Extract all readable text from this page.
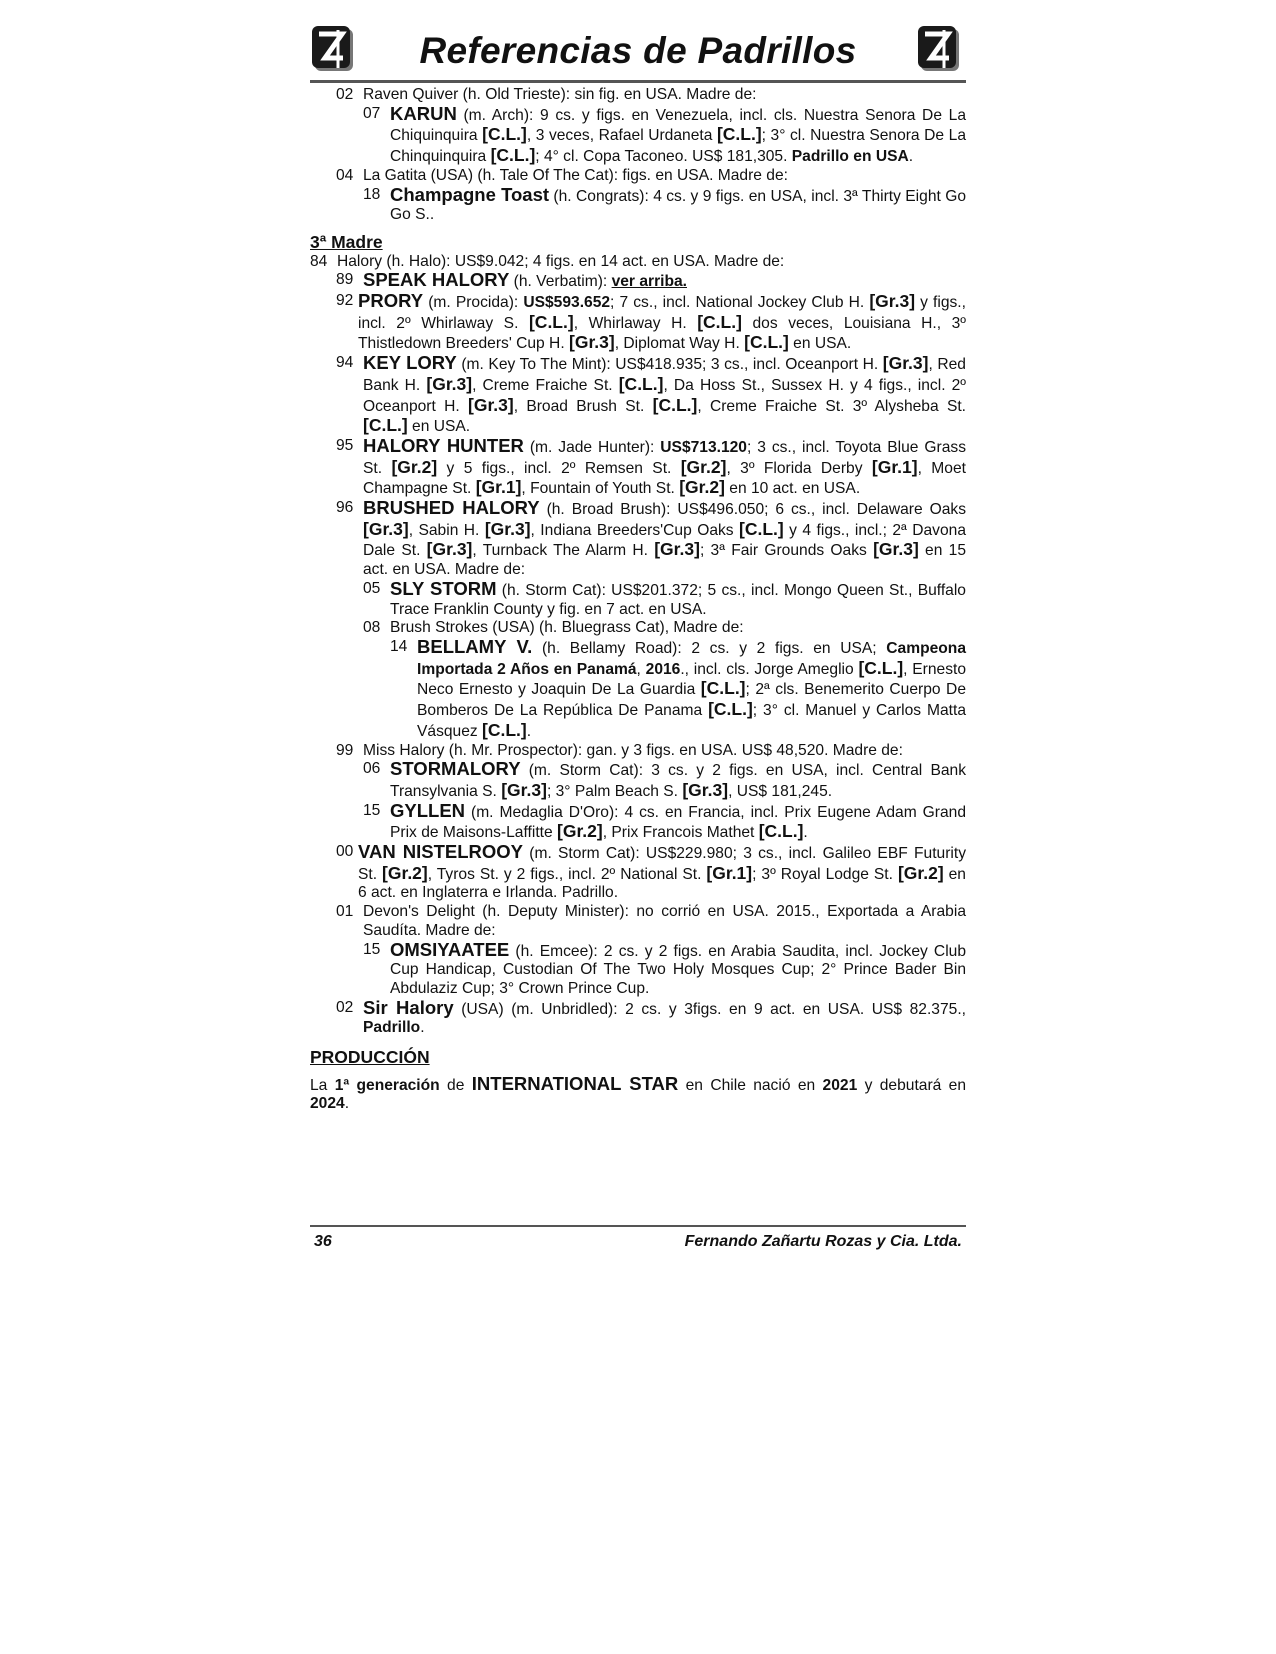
Referencias de Padrillos
02 Raven Quiver (h. Old Trieste): sin fig. en USA. Madre de:
07 KARUN (m. Arch): 9 cs. y figs. en Venezuela, incl. cls. Nuestra Senora De La Chiquinquira [C.L.], 3 veces, Rafael Urdaneta [C.L.]; 3° cl. Nuestra Senora De La Chinquinquira [C.L.]; 4° cl. Copa Taconeo. US$ 181,305. Padrillo en USA.
04 La Gatita (USA) (h. Tale Of The Cat): figs. en USA. Madre de:
18 Champagne Toast (h. Congrats): 4 cs. y 9 figs. en USA, incl. 3ª Thirty Eight Go Go S..
3ª Madre
84 Halory (h. Halo): US$9.042; 4 figs. en 14 act. en USA. Madre de:
89 SPEAK HALORY (h. Verbatim): ver arriba.
92 PRORY (m. Procida): US$593.652; 7 cs., incl. National Jockey Club H. [Gr.3] y figs., incl. 2º Whirlaway S. [C.L.], Whirlaway H. [C.L.] dos veces, Louisiana H., 3º Thistledown Breeders' Cup H. [Gr.3], Diplomat Way H. [C.L.] en USA.
94 KEY LORY (m. Key To The Mint): US$418.935; 3 cs., incl. Oceanport H. [Gr.3], Red Bank H. [Gr.3], Creme Fraiche St. [C.L.], Da Hoss St., Sussex H. y 4 figs., incl. 2º Oceanport H. [Gr.3], Broad Brush St. [C.L.], Creme Fraiche St. 3º Alysheba St. [C.L.] en USA.
95 HALORY HUNTER (m. Jade Hunter): US$713.120; 3 cs., incl. Toyota Blue Grass St. [Gr.2] y 5 figs., incl. 2º Remsen St. [Gr.2], 3º Florida Derby [Gr.1], Moet Champagne St. [Gr.1], Fountain of Youth St. [Gr.2] en 10 act. en USA.
96 BRUSHED HALORY (h. Broad Brush): US$496.050; 6 cs., incl. Delaware Oaks [Gr.3], Sabin H. [Gr.3], Indiana Breeders'Cup Oaks [C.L.] y 4 figs., incl.; 2ª Davona Dale St. [Gr.3], Turnback The Alarm H. [Gr.3]; 3ª Fair Grounds Oaks [Gr.3] en 15 act. en USA. Madre de:
05 SLY STORM (h. Storm Cat): US$201.372; 5 cs., incl. Mongo Queen St., Buffalo Trace Franklin County y fig. en 7 act. en USA.
08 Brush Strokes (USA) (h. Bluegrass Cat), Madre de:
14 BELLAMY V. (h. Bellamy Road): 2 cs. y 2 figs. en USA; Campeona Importada 2 Años en Panamá, 2016., incl. cls. Jorge Ameglio [C.L.], Ernesto Neco Ernesto y Joaquin De La Guardia [C.L.]; 2ª cls. Benemerito Cuerpo De Bomberos De La República De Panama [C.L.]; 3° cl. Manuel y Carlos Matta Vásquez [C.L.].
99 Miss Halory (h. Mr. Prospector): gan. y 3 figs. en USA. US$ 48,520. Madre de:
06 STORMALORY (m. Storm Cat): 3 cs. y 2 figs. en USA, incl. Central Bank Transylvania S. [Gr.3]; 3° Palm Beach S. [Gr.3], US$ 181,245.
15 GYLLEN (m. Medaglia D'Oro): 4 cs. en Francia, incl. Prix Eugene Adam Grand Prix de Maisons-Laffitte [Gr.2], Prix Francois Mathet [C.L.].
00 VAN NISTELROOY (m. Storm Cat): US$229.980; 3 cs., incl. Galileo EBF Futurity St. [Gr.2], Tyros St. y 2 figs., incl. 2º National St. [Gr.1]; 3º Royal Lodge St. [Gr.2] en 6 act. en Inglaterra e Irlanda. Padrillo.
01 Devon's Delight (h. Deputy Minister): no corrió en USA. 2015., Exportada a Arabia Saudíta. Madre de:
15 OMSIYAATEE (h. Emcee): 2 cs. y 2 figs. en Arabia Saudita, incl. Jockey Club Cup Handicap, Custodian Of The Two Holy Mosques Cup; 2° Prince Bader Bin Abdulaziz Cup; 3° Crown Prince Cup.
02 Sir Halory (USA) (m. Unbridled): 2 cs. y 3figs. en 9 act. en USA. US$ 82.375., Padrillo.
PRODUCCIÓN
La 1ª generación de INTERNATIONAL STAR en Chile nació en 2021 y debutará en 2024.
36	Fernando Zañartu Rozas y Cia. Ltda.
